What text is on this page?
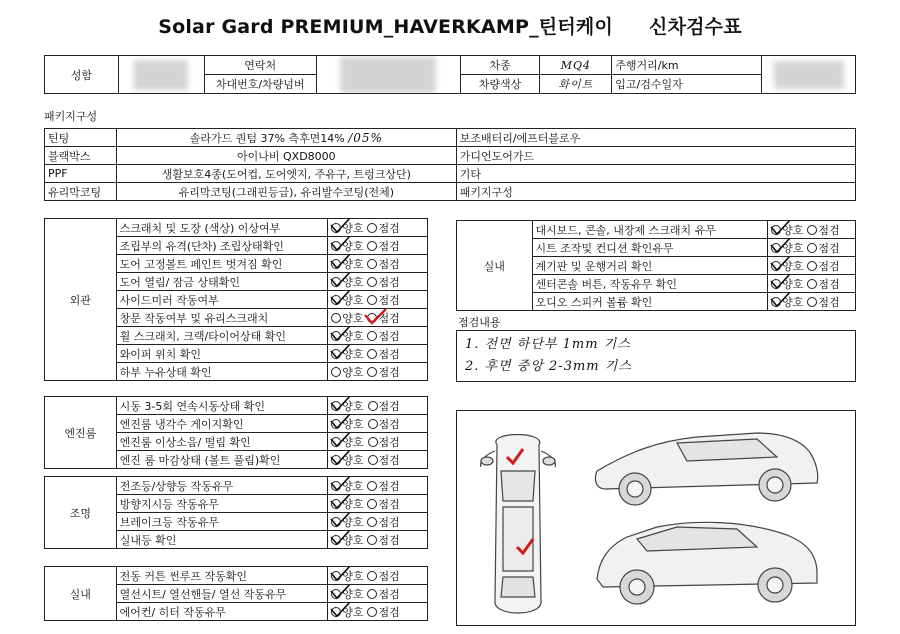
Solar Gard PREMIUM_HAVERKAMP_틴터케이 신차검수표
성함		연락처		차종	MQ4	주행거리/km	

		차대번호/차량넘버		차량색상	화이트	입고/검수일자	
패키지구성
틴팅	솔라가드 퀀텀 37% 측후면14% /05%	보조배터리/에프터블로우
블랙박스	아이나비 QXD8000	가디언도어가드
PPF	생활보호4종(도어컵, 도어엣지, 주유구, 트렁크상단)	기타
유리막코팅	유리막코팅(그래핀등급), 유리발수코팅(전체)	패키지구성
외관	스크래치 및 도장 (색상) 이상여부	양호 점검

	조립부의 유격(단차) 조립상태확인	양호 점검

	도어 고정볼트 페인트 벗겨짐 확인	양호 점검

	도어 열림/ 잠금 상태확인	양호 점검

	사이드미러 작동여부	양호 점검

	창문 작동여부 및 유리스크래치	양호 점검

	휠 스크래치, 크랙/타이어상태 확인	양호 점검

	와이퍼 위치 확인	양호 점검

	하부 누유상태 확인	양호 점검
엔진룸	시동 3-5회 연속시동상태 확인	양호 점검

	엔진룸 냉각수 게이지확인	양호 점검

	엔진룸 이상소음/ 떨림 확인	양호 점검

	엔진 룸 마감상태 (볼트 풀림)확인	양호 점검
조명	전조등/상향등 작동유무	양호 점검

	방향지시등 작동유무	양호 점검

	브레이크등 작동유무	양호 점검

	실내등 확인	양호 점검
실내	전동 커튼 썬루프 작동확인	양호 점검

	열선시트/ 열선핸들/ 열선 작동유무	양호 점검

	에어컨/ 히터 작동유무	양호 점검
실내	대시보드, 콘솔, 내장제 스크래치 유무	양호 점검

	시트 조작및 컨디션 확인유무	양호 점검

	계기판 및 운행거리 확인	양호 점검

	센터콘솔 버튼, 작동유무 확인	양호 점검

	오디오 스피커 볼륨 확인	양호 점검
점검내용
1. 전면 하단부 1mm 기스
2. 후면 중앙 2-3mm 기스
